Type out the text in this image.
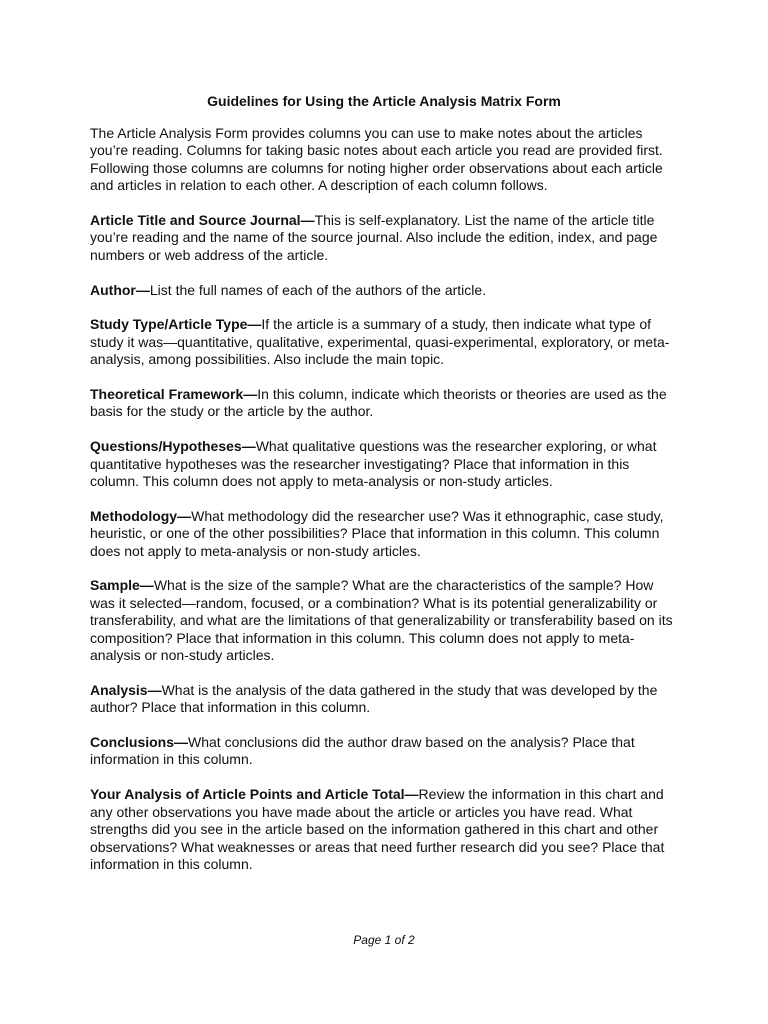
Guidelines for Using the Article Analysis Matrix Form

The Article Analysis Form provides columns you can use to make notes about the articles you’re reading. Columns for taking basic notes about each article you read are provided first. Following those columns are columns for noting higher order observations about each article and articles in relation to each other. A description of each column follows.

Article Title and Source Journal—This is self-explanatory. List the name of the article title you’re reading and the name of the source journal. Also include the edition, index, and page numbers or web address of the article.

Author—List the full names of each of the authors of the article.

Study Type/Article Type—If the article is a summary of a study, then indicate what type of study it was—quantitative, qualitative, experimental, quasi-experimental, exploratory, or meta-analysis, among possibilities. Also include the main topic.

Theoretical Framework—In this column, indicate which theorists or theories are used as the basis for the study or the article by the author.

Questions/Hypotheses—What qualitative questions was the researcher exploring, or what quantitative hypotheses was the researcher investigating? Place that information in this column. This column does not apply to meta-analysis or non-study articles.

Methodology—What methodology did the researcher use? Was it ethnographic, case study, heuristic, or one of the other possibilities? Place that information in this column. This column does not apply to meta-analysis or non-study articles.

Sample—What is the size of the sample? What are the characteristics of the sample? How was it selected—random, focused, or a combination? What is its potential generalizability or transferability, and what are the limitations of that generalizability or transferability based on its composition? Place that information in this column. This column does not apply to meta-analysis or non-study articles.

Analysis—What is the analysis of the data gathered in the study that was developed by the author? Place that information in this column.

Conclusions—What conclusions did the author draw based on the analysis? Place that information in this column.

Your Analysis of Article Points and Article Total—Review the information in this chart and any other observations you have made about the article or articles you have read. What strengths did you see in the article based on the information gathered in this chart and other observations? What weaknesses or areas that need further research did you see? Place that information in this column.

Page 1 of 2
